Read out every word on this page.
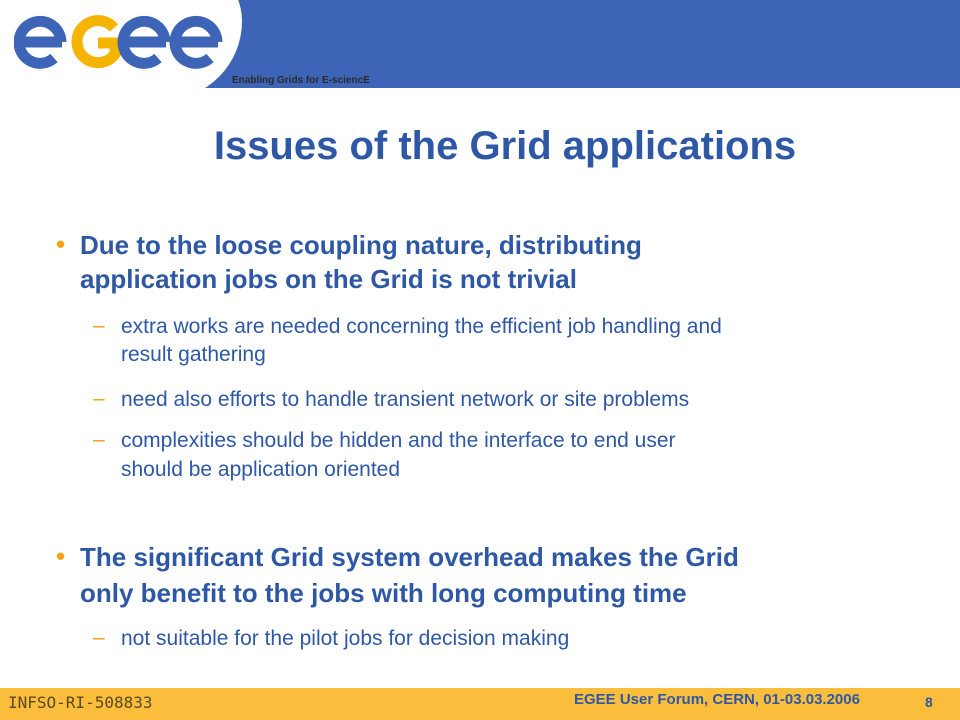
Enabling Grids for E-sciencE
Issues of the Grid applications
• Due to the loose coupling nature, distributing
application jobs on the Grid is not trivial
– extra works are needed concerning the efficient job handling and
result gathering
– need also efforts to handle transient network or site problems
– complexities should be hidden and the interface to end user
should be application oriented
• The significant Grid system overhead makes the Grid
only benefit to the jobs with long computing time
– not suitable for the pilot jobs for decision making
INFSO-RI-508833	EGEE User Forum, CERN, 01-03.03.2006	8
